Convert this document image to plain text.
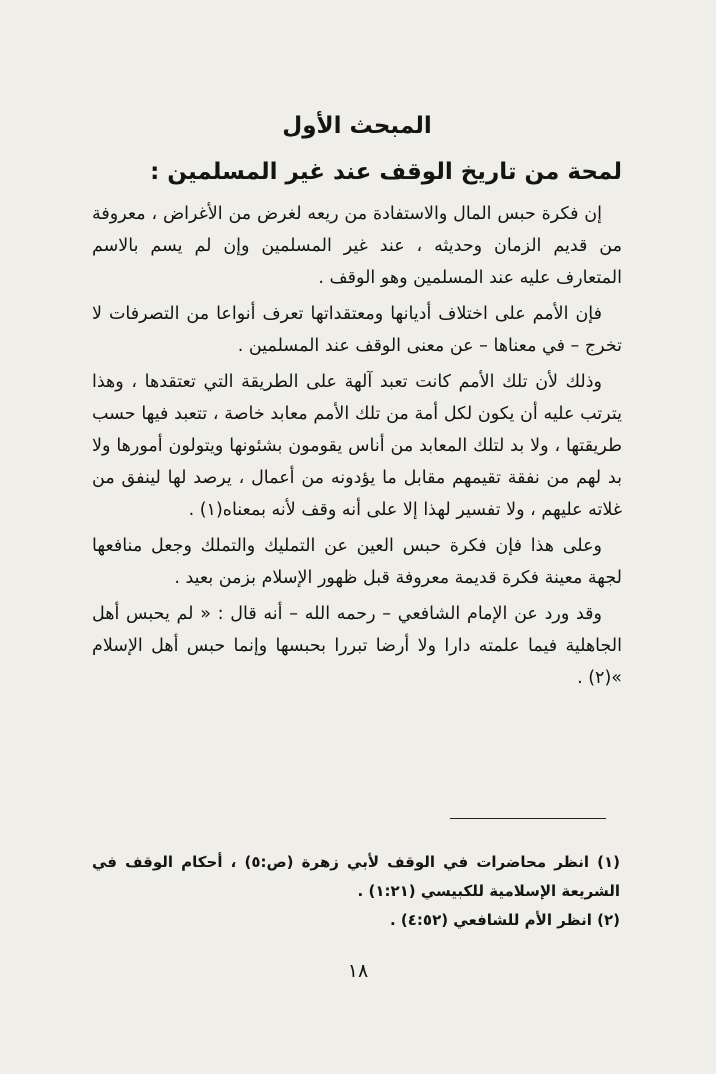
المبحث الأول
لمحة من تاريخ الوقف عند غير المسلمين :

إن فكرة حبس المال والاستفادة من ريعه لغرض من الأغراض ، معروفة من قديم الزمان وحديثه ، عند غير المسلمين وإن لم يسم بالاسم المتعارف عليه عند المسلمين وهو الوقف .

فإن الأمم على اختلاف أديانها ومعتقداتها تعرف أنواعا من التصرفات لا تخرج – في معناها – عن معنى الوقف عند المسلمين .

وذلك لأن تلك الأمم كانت تعبد آلهة على الطريقة التي تعتقدها ، وهذا يترتب عليه أن يكون لكل أمة من تلك الأمم معابد خاصة ، تتعبد فيها حسب طريقتها ، ولا بد لتلك المعابد من أناس يقومون بشئونها ويتولون أمورها ولا بد لهم من نفقة تقيمهم مقابل ما يؤدونه من أعمال ، يرصد لها لينفق من غلاته عليهم ، ولا تفسير لهذا إلا على أنه وقف لأنه بمعناه(١) .

وعلى هذا فإن فكرة حبس العين عن التمليك والتملك وجعل منافعها لجهة معينة فكرة قديمة معروفة قبل ظهور الإسلام بزمن بعيد .

وقد ورد عن الإمام الشافعي – رحمه الله – أنه قال : « لم يحبس أهل الجاهلية فيما علمته دارا ولا أرضا تبررا بحبسها وإنما حبس أهل الإسلام »(٢) .

(١) انظر محاضرات في الوقف لأبي زهرة (ص:٥) ، أحكام الوقف في الشريعة الإسلامية للكبيسي (١:٢١) .

(٢) انظر الأم للشافعي (٤:٥٢) .

١٨
